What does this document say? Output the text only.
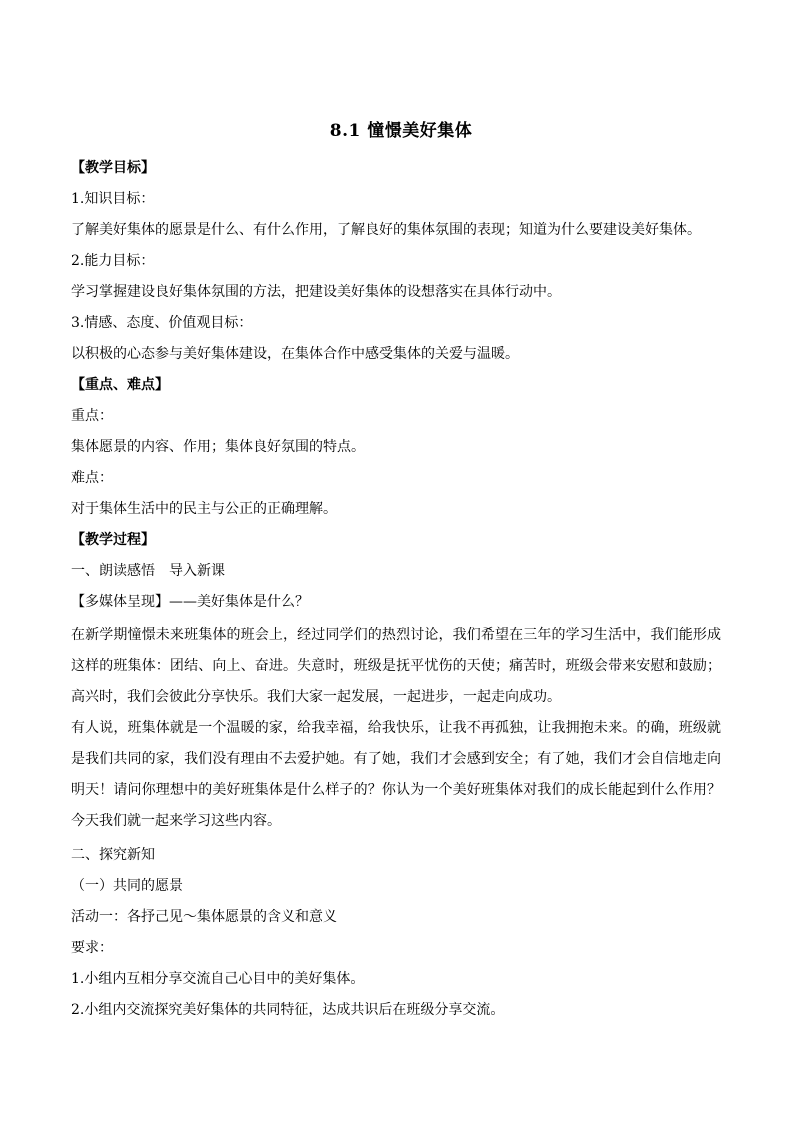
8.1 憧憬美好集体
【教学目标】
1.知识目标：
了解美好集体的愿景是什么、有什么作用，了解良好的集体氛围的表现；知道为什么要建设美好集体。
2.能力目标：
学习掌握建设良好集体氛围的方法，把建设美好集体的设想落实在具体行动中。
3.情感、态度、价值观目标：
以积极的心态参与美好集体建设，在集体合作中感受集体的关爱与温暖。
【重点、难点】
重点：
集体愿景的内容、作用；集体良好氛围的特点。
难点：
对于集体生活中的民主与公正的正确理解。
【教学过程】
一、朗读感悟　导入新课
【多媒体呈现】——美好集体是什么？
在新学期憧憬未来班集体的班会上，经过同学们的热烈讨论，我们希望在三年的学习生活中，我们能形成这样的班集体：团结、向上、奋进。失意时，班级是抚平忧伤的天使；痛苦时，班级会带来安慰和鼓励；高兴时，我们会彼此分享快乐。我们大家一起发展，一起进步，一起走向成功。
有人说，班集体就是一个温暖的家，给我幸福，给我快乐，让我不再孤独，让我拥抱未来。的确，班级就是我们共同的家，我们没有理由不去爱护她。有了她，我们才会感到安全；有了她，我们才会自信地走向明天！请问你理想中的美好班集体是什么样子的？你认为一个美好班集体对我们的成长能起到什么作用？今天我们就一起来学习这些内容。
二、探究新知
（一）共同的愿景
活动一：各抒己见～集体愿景的含义和意义
要求：
1.小组内互相分享交流自己心目中的美好集体。
2.小组内交流探究美好集体的共同特征，达成共识后在班级分享交流。
